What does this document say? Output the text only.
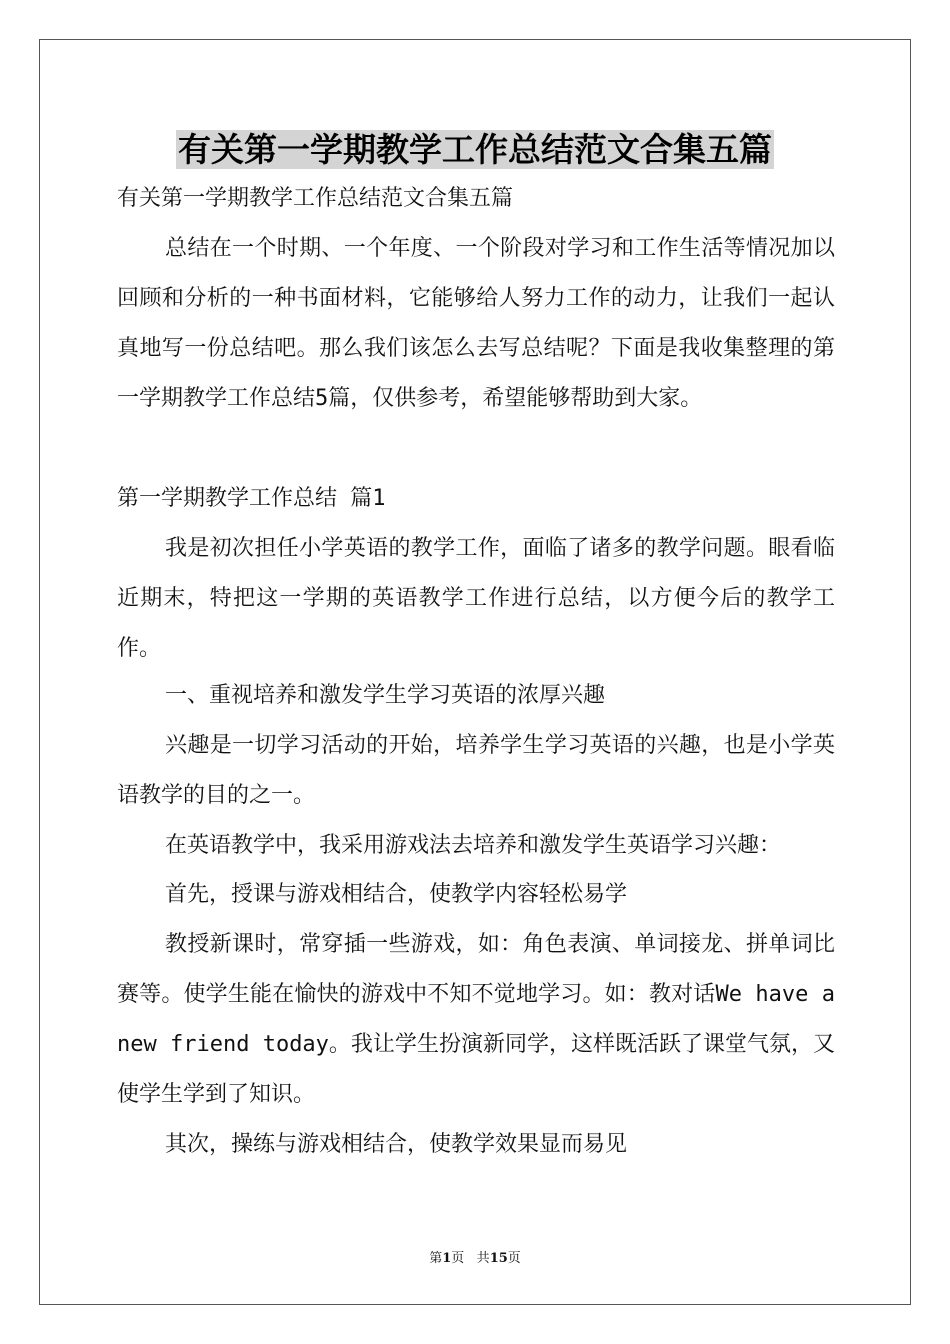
有关第一学期教学工作总结范文合集五篇

有关第一学期教学工作总结范文合集五篇

总结在一个时期、一个年度、一个阶段对学习和工作生活等情况加以回顾和分析的一种书面材料，它能够给人努力工作的动力，让我们一起认真地写一份总结吧。那么我们该怎么去写总结呢？下面是我收集整理的第一学期教学工作总结5篇，仅供参考，希望能够帮助到大家。

第一学期教学工作总结 篇1

我是初次担任小学英语的教学工作，面临了诸多的教学问题。眼看临近期末，特把这一学期的英语教学工作进行总结，以方便今后的教学工作。

一、重视培养和激发学生学习英语的浓厚兴趣

兴趣是一切学习活动的开始，培养学生学习英语的兴趣，也是小学英语教学的目的之一。

在英语教学中，我采用游戏法去培养和激发学生英语学习兴趣：

首先，授课与游戏相结合，使教学内容轻松易学

教授新课时，常穿插一些游戏，如：角色表演、单词接龙、拼单词比赛等。使学生能在愉快的游戏中不知不觉地学习。如：教对话We have a new friend today。我让学生扮演新同学，这样既活跃了课堂气氛，又使学生学到了知识。

其次，操练与游戏相结合，使教学效果显而易见

第1页 共15页
